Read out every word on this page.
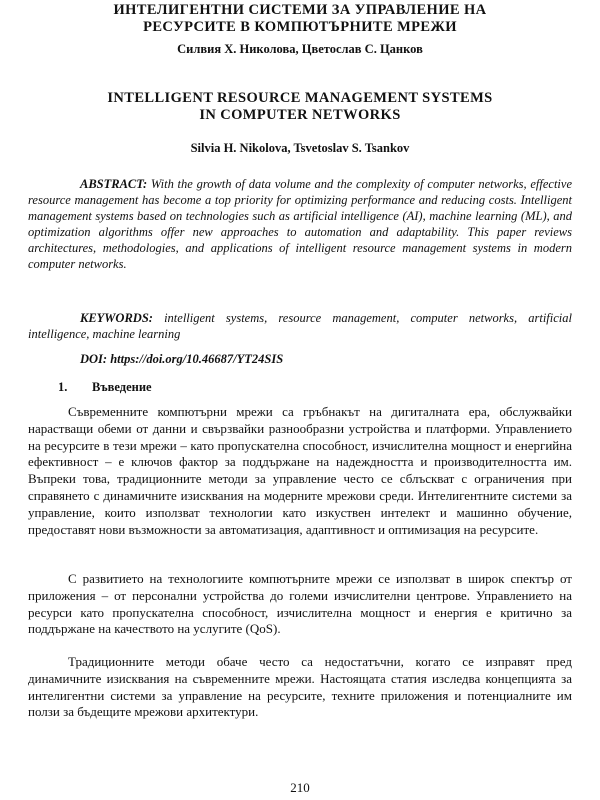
ИНТЕЛИГЕНТНИ СИСТЕМИ ЗА УПРАВЛЕНИЕ НА
РЕСУРСИТЕ В КОМПЮТЪРНИТЕ МРЕЖИ
Силвия Х. Николова, Цветослав С. Цанков
INTELLIGENT RESOURCE MANAGEMENT SYSTEMS
IN COMPUTER NETWORKS
Silvia H. Nikolova, Tsvetoslav S. Tsankov
ABSTRACT: With the growth of data volume and the complexity of computer networks, effective resource management has become a top priority for optimizing performance and reducing costs. Intelligent management systems based on technologies such as artificial intelligence (AI), machine learning (ML), and optimization algorithms offer new approaches to automation and adaptability. This paper reviews architectures, methodologies, and applications of intelligent resource management systems in modern computer networks.
KEYWORDS: intelligent systems, resource management, computer networks, artificial intelligence, machine learning
DOI: https://doi.org/10.46687/YT24SIS
1. Въведение
Съвременните компютърни мрежи са гръбнакът на дигиталната ера, обслужвайки нарастващи обеми от данни и свързвайки разнообразни устройства и платформи. Управлението на ресурсите в тези мрежи – като пропускателна способност, изчислителна мощност и енергийна ефективност – е ключов фактор за поддържане на надеждността и производителността им. Въпреки това, традиционните методи за управление често се сблъскват с ограничения при справянето с динамичните изисквания на модерните мрежови среди. Интелигентните системи за управление, които използват технологии като изкуствен интелект и машинно обучение, предоставят нови възможности за автоматизация, адаптивност и оптимизация на ресурсите.
С развитието на технологиите компютърните мрежи се използват в широк спектър от приложения – от персонални устройства до големи изчислителни центрове. Управлението на ресурси като пропускателна способност, изчислителна мощност и енергия е критично за поддържане на качеството на услугите (QoS).
Традиционните методи обаче често са недостатъчни, когато се изправят пред динамичните изисквания на съвременните мрежи. Настоящата статия изследва концепцията за интелигентни системи за управление на ресурсите, техните приложения и потенциалните им ползи за бъдещите мрежови архитектури.
210
